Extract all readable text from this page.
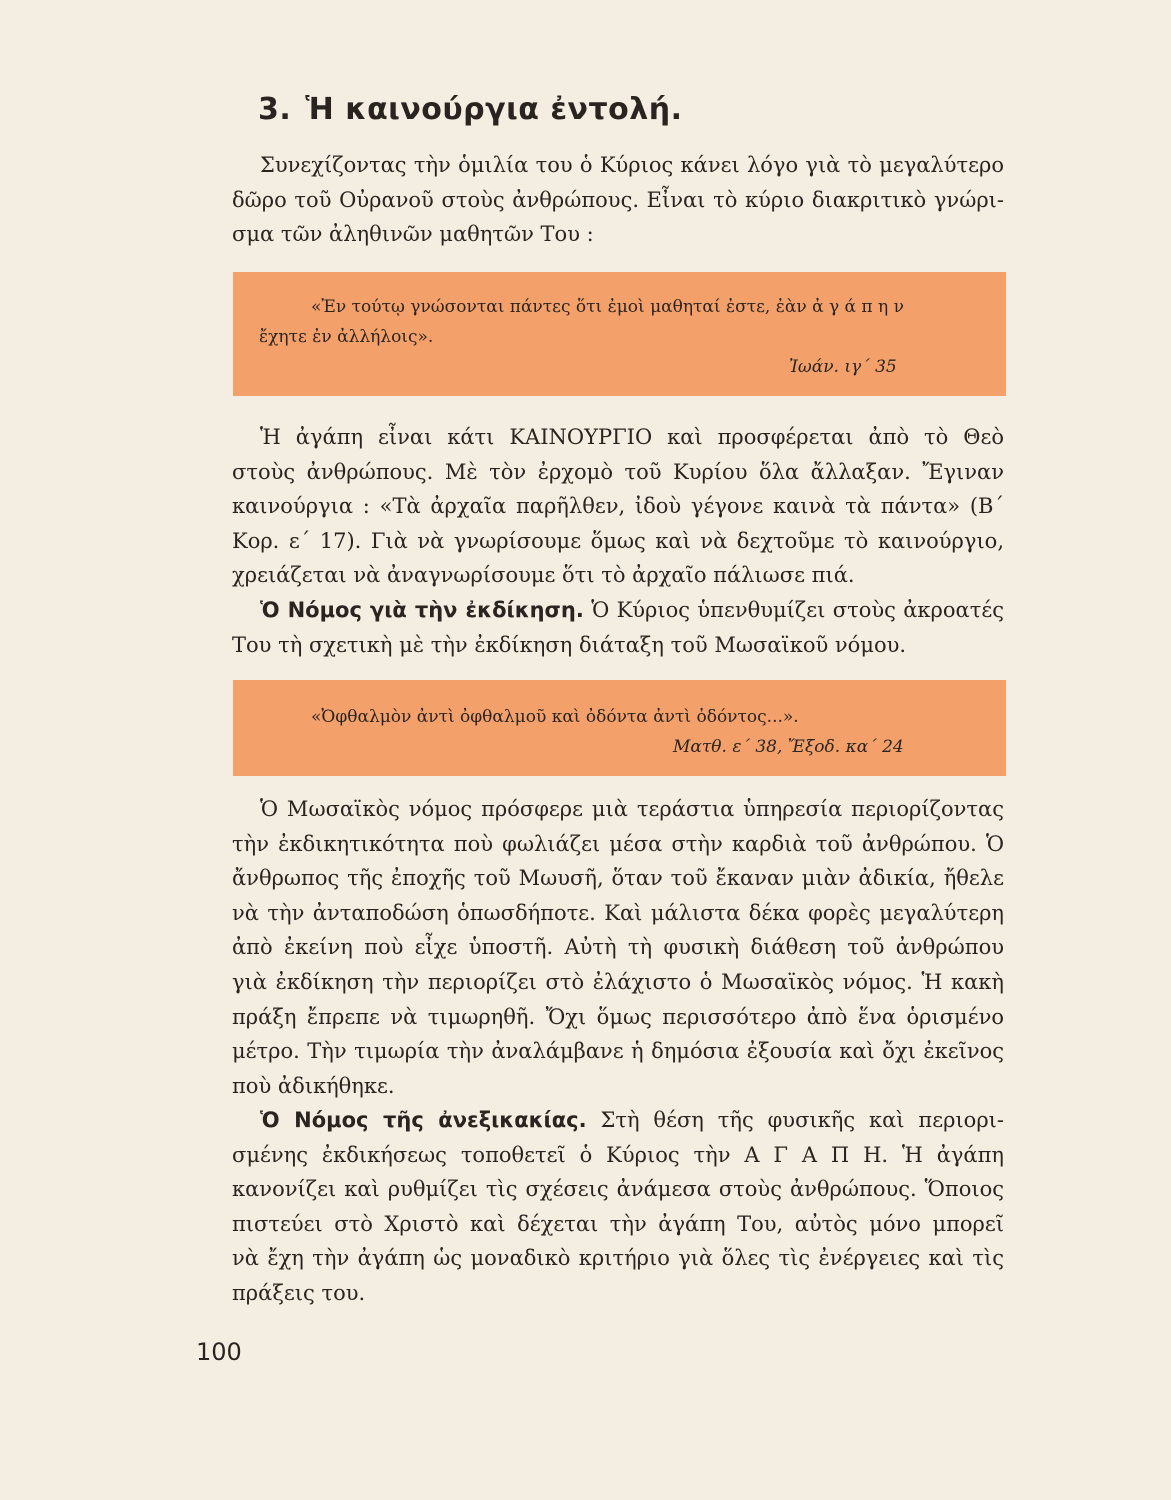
3. Ἡ καινούργια ἐντολή.
Συνεχίζοντας τὴν ὁμιλία του ὁ Κύριος κάνει λόγο γιὰ τὸ μεγαλύτερο
δῶρο τοῦ Οὐρανοῦ στοὺς ἀνθρώπους. Εἶναι τὸ κύριο διακριτικὸ γνώρι-
σμα τῶν ἀληθινῶν μαθητῶν Του :
«Ἐν τούτῳ γνώσονται πάντες ὅτι ἐμοὶ μαθηταί ἐστε, ἐὰν ἀ γ ά π η ν
ἔχητε ἐν ἀλλήλοις».
Ἰωάν. ιγ΄ 35
Ἡ ἀγάπη εἶναι κάτι ΚΑΙΝΟΥΡΓΙΟ καὶ προσφέρεται ἀπὸ τὸ Θεὸ
στοὺς ἀνθρώπους. Μὲ τὸν ἐρχομὸ τοῦ Κυρίου ὅλα ἄλλαξαν. Ἔγιναν
καινούργια : «Τὰ ἀρχαῖα παρῆλθεν, ἰδοὺ γέγονε καινὰ τὰ πάντα» (Β΄
Κορ. ε΄ 17). Γιὰ νὰ γνωρίσουμε ὅμως καὶ νὰ δεχτοῦμε τὸ καινούργιο,
χρειάζεται νὰ ἀναγνωρίσουμε ὅτι τὸ ἀρχαῖο πάλιωσε πιά.
Ὁ Νόμος γιὰ τὴν ἐκδίκηση. Ὁ Κύριος ὑπενθυμίζει στοὺς ἀκροατές
Του τὴ σχετικὴ μὲ τὴν ἐκδίκηση διάταξη τοῦ Μωσαϊκοῦ νόμου.
«Ὀφθαλμὸν ἀντὶ ὀφθαλμοῦ καὶ ὀδόντα ἀντὶ ὀδόντος...».
Ματθ. ε΄ 38, Ἔξοδ. κα΄ 24
Ὁ Μωσαϊκὸς νόμος πρόσφερε μιὰ τεράστια ὑπηρεσία περιορίζοντας
τὴν ἐκδικητικότητα ποὺ φωλιάζει μέσα στὴν καρδιὰ τοῦ ἀνθρώπου. Ὁ
ἄνθρωπος τῆς ἐποχῆς τοῦ Μωυσῆ, ὅταν τοῦ ἔκαναν μιὰν ἀδικία, ἤθελε
νὰ τὴν ἀνταποδώση ὁπωσδήποτε. Καὶ μάλιστα δέκα φορὲς μεγαλύτερη
ἀπὸ ἐκείνη ποὺ εἶχε ὑποστῆ. Αὐτὴ τὴ φυσικὴ διάθεση τοῦ ἀνθρώπου
γιὰ ἐκδίκηση τὴν περιορίζει στὸ ἐλάχιστο ὁ Μωσαϊκὸς νόμος. Ἡ κακὴ
πράξη ἔπρεπε νὰ τιμωρηθῆ. Ὄχι ὅμως περισσότερο ἀπὸ ἕνα ὁρισμένο
μέτρο. Τὴν τιμωρία τὴν ἀναλάμβανε ἡ δημόσια ἐξουσία καὶ ὄχι ἐκεῖνος
ποὺ ἀδικήθηκε.
Ὁ Νόμος τῆς ἀνεξικακίας. Στὴ θέση τῆς φυσικῆς καὶ περιορι-
σμένης ἐκδικήσεως τοποθετεῖ ὁ Κύριος τὴν Α Γ Α Π Η. Ἡ ἀγάπη
κανονίζει καὶ ρυθμίζει τὶς σχέσεις ἀνάμεσα στοὺς ἀνθρώπους. Ὅποιος
πιστεύει στὸ Χριστὸ καὶ δέχεται τὴν ἀγάπη Του, αὐτὸς μόνο μπορεῖ
νὰ ἔχη τὴν ἀγάπη ὡς μοναδικὸ κριτήριο γιὰ ὅλες τὶς ἐνέργειες καὶ τὶς
πράξεις του.
100
